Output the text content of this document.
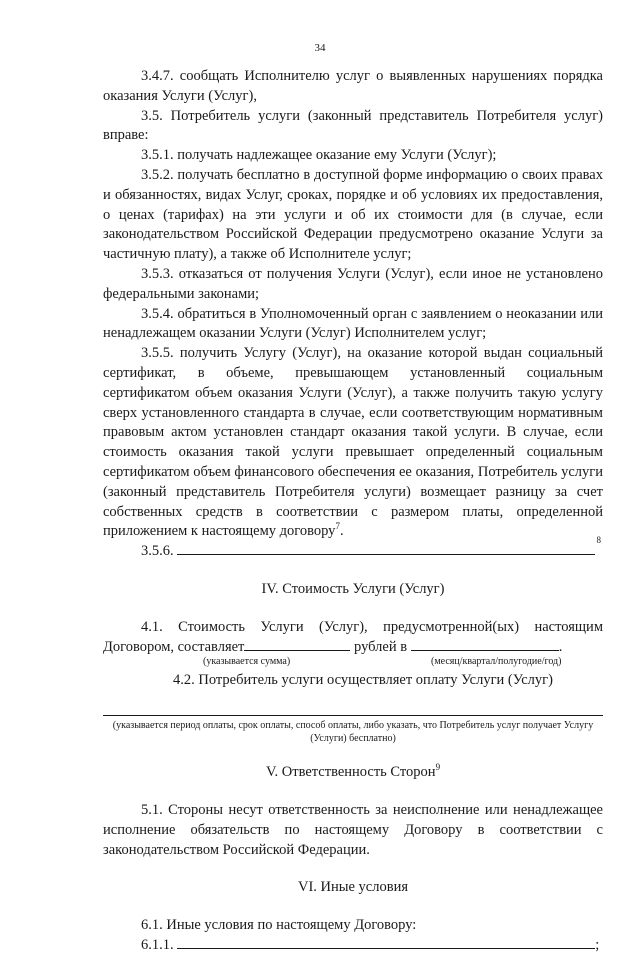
34

3.4.7. сообщать Исполнителю услуг о выявленных нарушениях порядка оказания Услуги (Услуг),

3.5. Потребитель услуги (законный представитель Потребителя услуг) вправе:

3.5.1. получать надлежащее оказание ему Услуги (Услуг);

3.5.2. получать бесплатно в доступной форме информацию о своих правах и обязанностях, видах Услуг, сроках, порядке и об условиях их предоставления, о ценах (тарифах) на эти услуги и об их стоимости для (в случае, если законодательством Российской Федерации предусмотрено оказание Услуги за частичную плату), а также об Исполнителе услуг;

3.5.3. отказаться от получения Услуги (Услуг), если иное не установлено федеральными законами;

3.5.4. обратиться в Уполномоченный орган с заявлением о неоказании или ненадлежащем оказании Услуги (Услуг) Исполнителем услуг;

3.5.5. получить Услугу (Услуг), на оказание которой выдан социальный сертификат, в объеме, превышающем установленный социальным сертификатом объем оказания Услуги (Услуг), а также получить такую услугу сверх установленного стандарта в случае, если соответствующим нормативным правовым актом установлен стандарт оказания такой услуги. В случае, если стоимость оказания такой услуги превышает определенный социальным сертификатом объем финансового обеспечения ее оказания, Потребитель услуги (законный представитель Потребителя услуги) возмещает разницу за счет собственных средств в соответствии с размером платы, определенной приложением к настоящему договору$^7$.

3.5.6.
8

IV. Стоимость Услуги (Услуг)

4.1. Стоимость Услуги (Услуг), предусмотренной(ых) настоящим Договором, составляет	рублей в	.

(указывается сумма)	(месяц/квартал/полугодие/год)

4.2. Потребитель услуги осуществляет оплату Услуги (Услуг)

(указывается период оплаты, срок оплаты, способ оплаты, либо указать, что Потребитель услуг получает Услугу (Услуги) бесплатно)

V. Ответственность Сторон$^9$

5.1. Стороны несут ответственность за неисполнение или ненадлежащее исполнение обязательств по настоящему Договору в соответствии с законодательством Российской Федерации.

VI. Иные условия

6.1. Иные условия по настоящему Договору:

6.1.1.	;
